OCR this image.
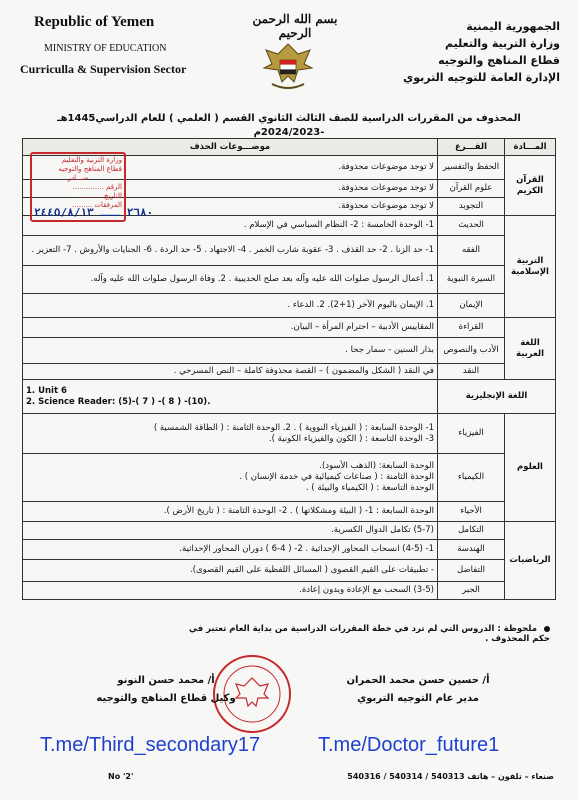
Republic of Yemen
MINISTRY OF EDUCATION
Curriculla & Supervision Sector
بسم الله الرحمن الرحيم	الجمهورية اليمنية
وزارة التربية والتعليم
قطاع المناهج والتوجيه
الإدارة العامة للتوجيه التربوي
المحذوف من المقررات الدراسية للصف الثالث الثانوي القسم ( العلمي ) للعام الدراسي1445هـ -2024/2023م
المـــادة	الفـــرع	موضـــوعات الحذف
القرآن الكريم	الحفظ والتفسير	لا توجد موضوعات محذوفة.
	علوم القرآن	لا توجد موضوعات محذوفة.
	التجويد	لا توجد موضوعات محذوفة.
التربية الإسلامية	الحديث	1- الوحدة الخامسة : 2- النظام السياسي في الإسلام .
	الفقه	1- حد الزنا . 2- حد القذف . 3- عقوبة شارب الخمر . 4- الاجتهاد . 5- حد الردة . 6- الجنايات والأروش . 7- التعزير .
	السيرة النبوية	1. أعمال الرسول صلوات الله عليه وآله بعد صلح الحديبية . 2. وفاة الرسول صلوات الله عليه وآله.
	الإيمان	1. الإيمان باليوم الآخر (1+2). 2. الدعاء .
اللغة العربية	القراءة	المقاييس الأدبية – احترام المرأة – البيان.
	الأدب والنصوص	بذار السنين - سمار جحا .
	النقد	في النقد ( الشكل والمضمون ) – القصة محذوفة كاملة – النص المسرحي .
اللغة الإنجليزية		1. Unit 6
2. Science Reader: (5)-( 7 ) -( 8 ) -(10).

العلوم	الفيزياء	1- الوحدة السابعة : ( الفيزياء النووية ) . 2. الوحدة الثامنة : ( الطاقة الشمسية )
3- الوحدة التاسعة : ( الكون والفيزياء الكونية ).
	الكيمياء	الوحدة السابعة: (الذهب الأسود).
الوحدة الثامنة : ( صناعات كيميائية في خدمة الإنسان ) .
الوحدة التاسعة : ( الكيمياء والبيئة ) .
	الأحياء	الوحدة السابعة : 1- ( البيئة ومشكلاتها ) . 2- الوحدة الثامنة : ( تاريخ الأرض ).
الرياضيات	التكامل	(5-7) تكامل الدوال الكسرية.
	الهندسة	1- (4-5) انسحاب المحاور الإحداثية . 2- ( 4-6 ) دوران المحاور الإحداثية.
	التفاضل	- تطبيقات على القيم القصوى ( المسائل اللفظية على القيم القصوى).
	الجبر	(3-5) السحب مع الإعادة وبدون إعادة.
وزارة التربية والتعليم
قطاع المناهج والتوجيه
صـــادر
الرقم ..............
التاريخ ............
المرفقات .........
٢٦٨٠ ـــ ٢٤٤٥/٨/١٣
ملحوظة : الدروس التي لم ترد في خطة المقررات الدراسية من بداية العام تعتبر في حكم المحذوف .
أ/ حسين حسن محمد الحمران
مدير عام التوجيه التربوي
أ/ محمد حسن النونو
وكيل قطاع المناهج والتوجيه
T.me/Third_secondary17	T.me/Doctor_future1
No '2'	صنعاء – تلفون – هاتف 540313 / 540314 / 540316
